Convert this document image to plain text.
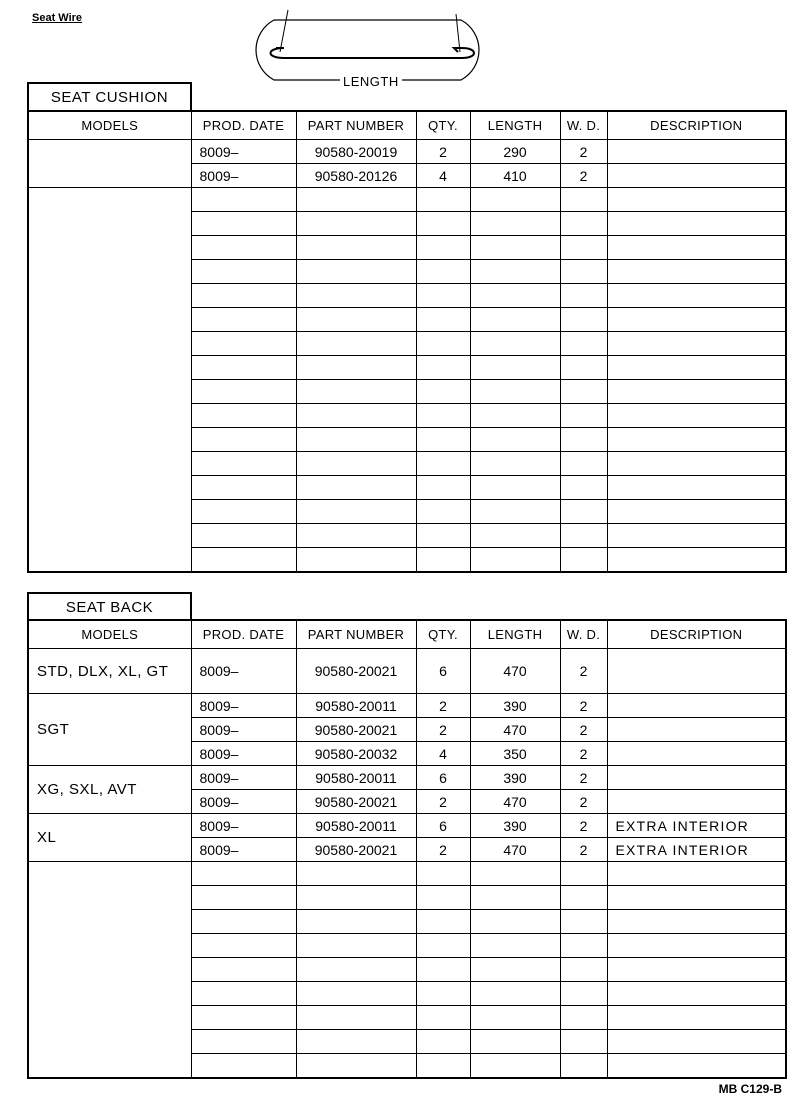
Seat Wire
LENGTH
SEAT CUSHION
MODELS	PROD. DATE	PART NUMBER	QTY.	LENGTH	W. D.	DESCRIPTION
	8009–	90580-20019	2	290	2	
	8009–	90580-20126	4	410	2	

SEAT BACK
MODELS	PROD. DATE	PART NUMBER	QTY.	LENGTH	W. D.	DESCRIPTION
STD, DLX, XL, GT	8009–	90580-20021	6	470	2	
SGT	8009–	90580-20011	2	390	2	
	8009–	90580-20021	2	470	2	
	8009–	90580-20032	4	350	2	
XG, SXL, AVT	8009–	90580-20011	6	390	2	
	8009–	90580-20021	2	470	2	
XL	8009–	90580-20011	6	390	2	EXTRA INTERIOR
	8009–	90580-20021	2	470	2	EXTRA INTERIOR

MB C129-B
